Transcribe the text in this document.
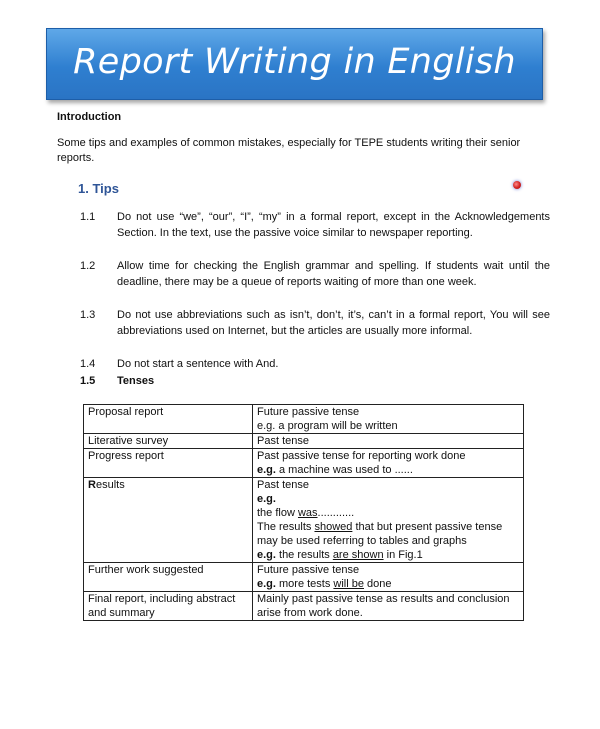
Report Writing in English
Introduction
Some tips and examples of common mistakes, especially for TEPE students writing their senior reports.
1. Tips
1.1	Do not use “we”, “our”, “I”, “my” in a formal report, except in the Acknowledgements Section. In the text, use the passive voice similar to newspaper reporting.
1.2	Allow time for checking the English grammar and spelling. If students wait until the deadline, there may be a queue of reports waiting of more than one week.
1.3	Do not use abbreviations such as isn’t, don’t, it’s, can’t in a formal report, You will see abbreviations used on Internet, but the articles are usually more informal.
1.4	Do not start a sentence with And.
1.5	Tenses
Proposal report	Future passive tense
e.g. a program will be written

Literative survey	Past tense
Progress report	Past passive tense for reporting work done
e.g. a machine was used to ......

Results	Past tense
e.g.
the flow was............
The results showed that but present passive tense may be used referring to tables and graphs
e.g. the results are shown in Fig.1

Further work suggested	Future passive tense
e.g. more tests will be done

Final report, including abstract and summary	Mainly past passive tense as results and conclusion arise from work done.
